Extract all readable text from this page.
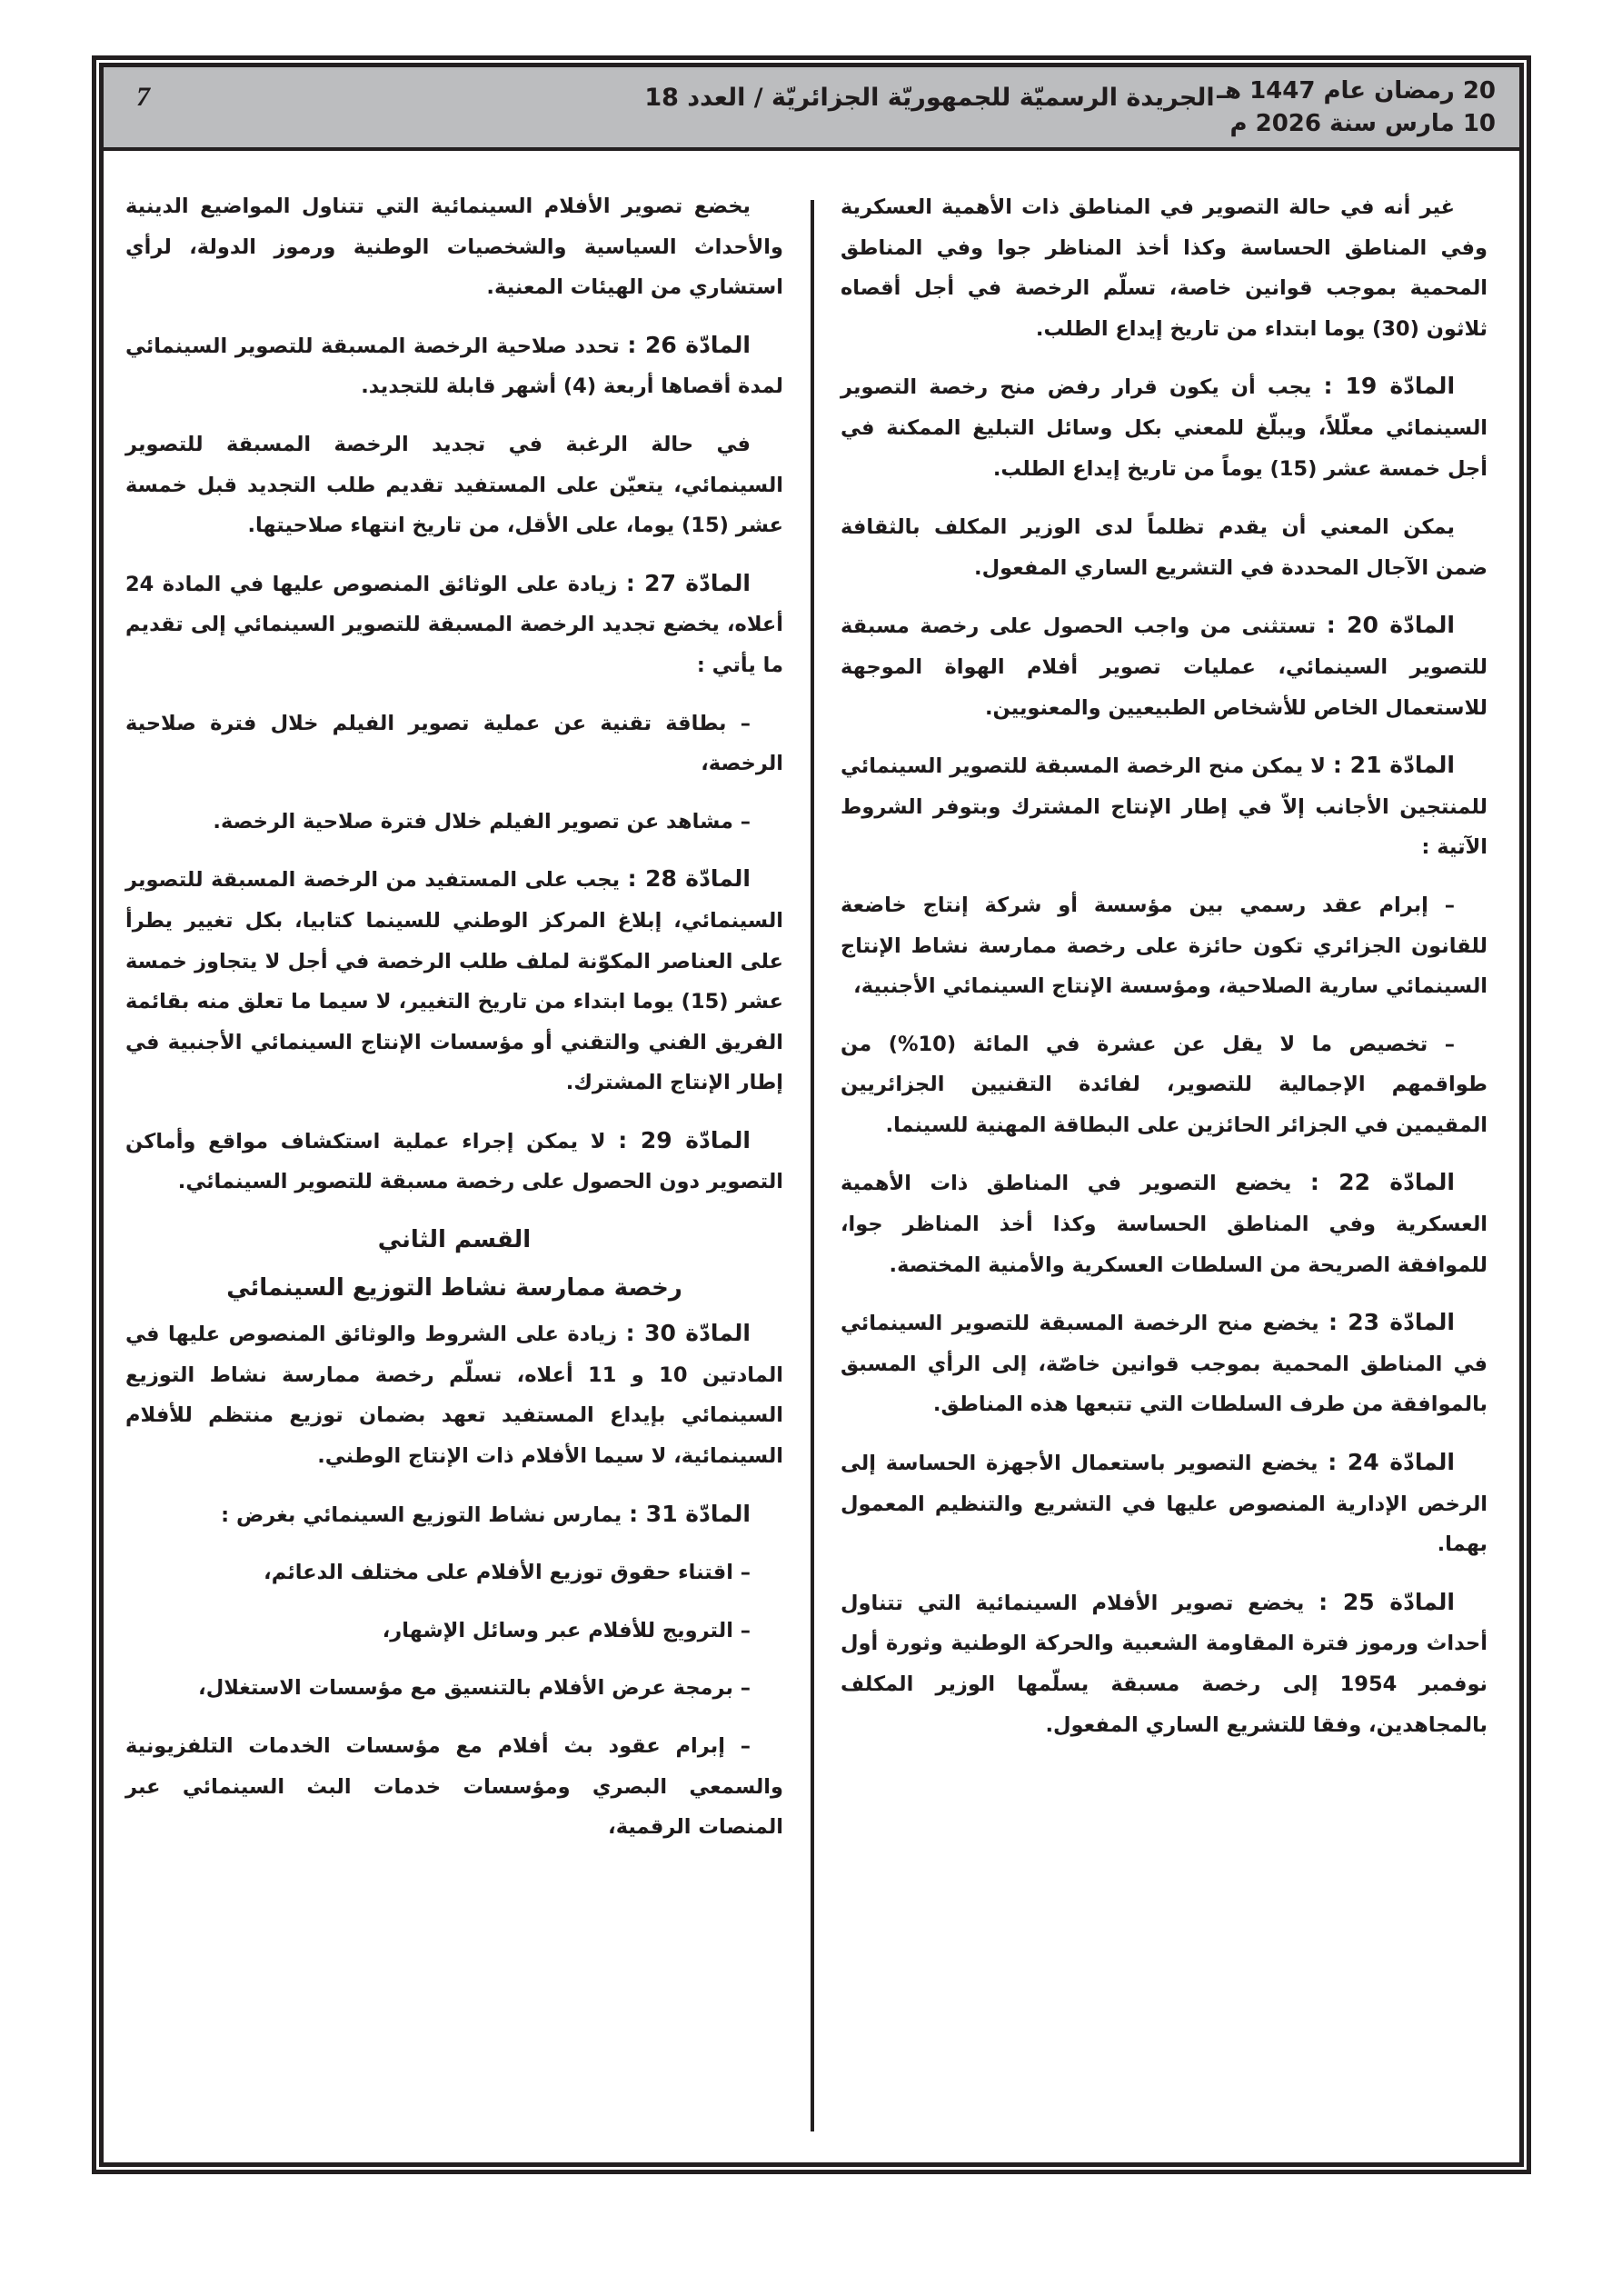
7	الجريدة الرسميّة للجمهوريّة الجزائريّة / العدد 18 20 رمضان عام 1447 هـ
10 مارس سنة 2026 م

غير أنه في حالة التصوير في المناطق ذات الأهمية العسكرية وفي المناطق الحساسة وكذا أخذ المناظر جوا وفي المناطق المحمية بموجب قوانين خاصة، تسلّم الرخصة في أجل أقصاه ثلاثون (30) يوما ابتداء من تاريخ إيداع الطلب.

المادّة 19 : يجب أن يكون قرار رفض منح رخصة التصوير السينمائي معلّلاً، ويبلّغ للمعني بكل وسائل التبليغ الممكنة في أجل خمسة عشر (15) يوماً من تاريخ إيداع الطلب.

يمكن المعني أن يقدم تظلماً لدى الوزير المكلف بالثقافة ضمن الآجال المحددة في التشريع الساري المفعول.

المادّة 20 : تستثنى من واجب الحصول على رخصة مسبقة للتصوير السينمائي، عمليات تصوير أفلام الهواة الموجهة للاستعمال الخاص للأشخاص الطبيعيين والمعنويين.

المادّة 21 : لا يمكن منح الرخصة المسبقة للتصوير السينمائي للمنتجين الأجانب إلاّ في إطار الإنتاج المشترك وبتوفر الشروط الآتية :

– إبرام عقد رسمي بين مؤسسة أو شركة إنتاج خاضعة للقانون الجزائري تكون حائزة على رخصة ممارسة نشاط الإنتاج السينمائي سارية الصلاحية، ومؤسسة الإنتاج السينمائي الأجنبية،

– تخصيص ما لا يقل عن عشرة في المائة (10%) من طواقمهم الإجمالية للتصوير، لفائدة التقنيين الجزائريين المقيمين في الجزائر الحائزين على البطاقة المهنية للسينما.

المادّة 22 : يخضع التصوير في المناطق ذات الأهمية العسكرية وفي المناطق الحساسة وكذا أخذ المناظر جوا، للموافقة الصريحة من السلطات العسكرية والأمنية المختصة.

المادّة 23 : يخضع منح الرخصة المسبقة للتصوير السينمائي في المناطق المحمية بموجب قوانين خاصّة، إلى الرأي المسبق بالموافقة من طرف السلطات التي تتبعها هذه المناطق.

المادّة 24 : يخضع التصوير باستعمال الأجهزة الحساسة إلى الرخص الإدارية المنصوص عليها في التشريع والتنظيم المعمول بهما.

المادّة 25 : يخضع تصوير الأفلام السينمائية التي تتناول أحداث ورموز فترة المقاومة الشعبية والحركة الوطنية وثورة أول نوفمبر 1954 إلى رخصة مسبقة يسلّمها الوزير المكلف بالمجاهدين، وفقا للتشريع الساري المفعول.

يخضع تصوير الأفلام السينمائية التي تتناول المواضيع الدينية والأحداث السياسية والشخصيات الوطنية ورموز الدولة، لرأي استشاري من الهيئات المعنية.

المادّة 26 : تحدد صلاحية الرخصة المسبقة للتصوير السينمائي لمدة أقصاها أربعة (4) أشهر قابلة للتجديد.

في حالة الرغبة في تجديد الرخصة المسبقة للتصوير السينمائي، يتعيّن على المستفيد تقديم طلب التجديد قبل خمسة عشر (15) يوما، على الأقل، من تاريخ انتهاء صلاحيتها.

المادّة 27 : زيادة على الوثائق المنصوص عليها في المادة 24 أعلاه، يخضع تجديد الرخصة المسبقة للتصوير السينمائي إلى تقديم ما يأتي :

– بطاقة تقنية عن عملية تصوير الفيلم خلال فترة صلاحية الرخصة،

– مشاهد عن تصوير الفيلم خلال فترة صلاحية الرخصة.

المادّة 28 : يجب على المستفيد من الرخصة المسبقة للتصوير السينمائي، إبلاغ المركز الوطني للسينما كتابيا، بكل تغيير يطرأ على العناصر المكوّنة لملف طلب الرخصة في أجل لا يتجاوز خمسة عشر (15) يوما ابتداء من تاريخ التغيير، لا سيما ما تعلق منه بقائمة الفريق الفني والتقني أو مؤسسات الإنتاج السينمائي الأجنبية في إطار الإنتاج المشترك.

المادّة 29 : لا يمكن إجراء عملية استكشاف مواقع وأماكن التصوير دون الحصول على رخصة مسبقة للتصوير السينمائي.

القسم الثاني

رخصة ممارسة نشاط التوزيع السينمائي

المادّة 30 : زيادة على الشروط والوثائق المنصوص عليها في المادتين 10 و 11 أعلاه، تسلّم رخصة ممارسة نشاط التوزيع السينمائي بإيداع المستفيد تعهد بضمان توزيع منتظم للأفلام السينمائية، لا سيما الأفلام ذات الإنتاج الوطني.

المادّة 31 : يمارس نشاط التوزيع السينمائي بغرض :

– اقتناء حقوق توزيع الأفلام على مختلف الدعائم،

– الترويج للأفلام عبر وسائل الإشهار،

– برمجة عرض الأفلام بالتنسيق مع مؤسسات الاستغلال،

– إبرام عقود بث أفلام مع مؤسسات الخدمات التلفزيونية والسمعي البصري ومؤسسات خدمات البث السينمائي عبر المنصات الرقمية،
